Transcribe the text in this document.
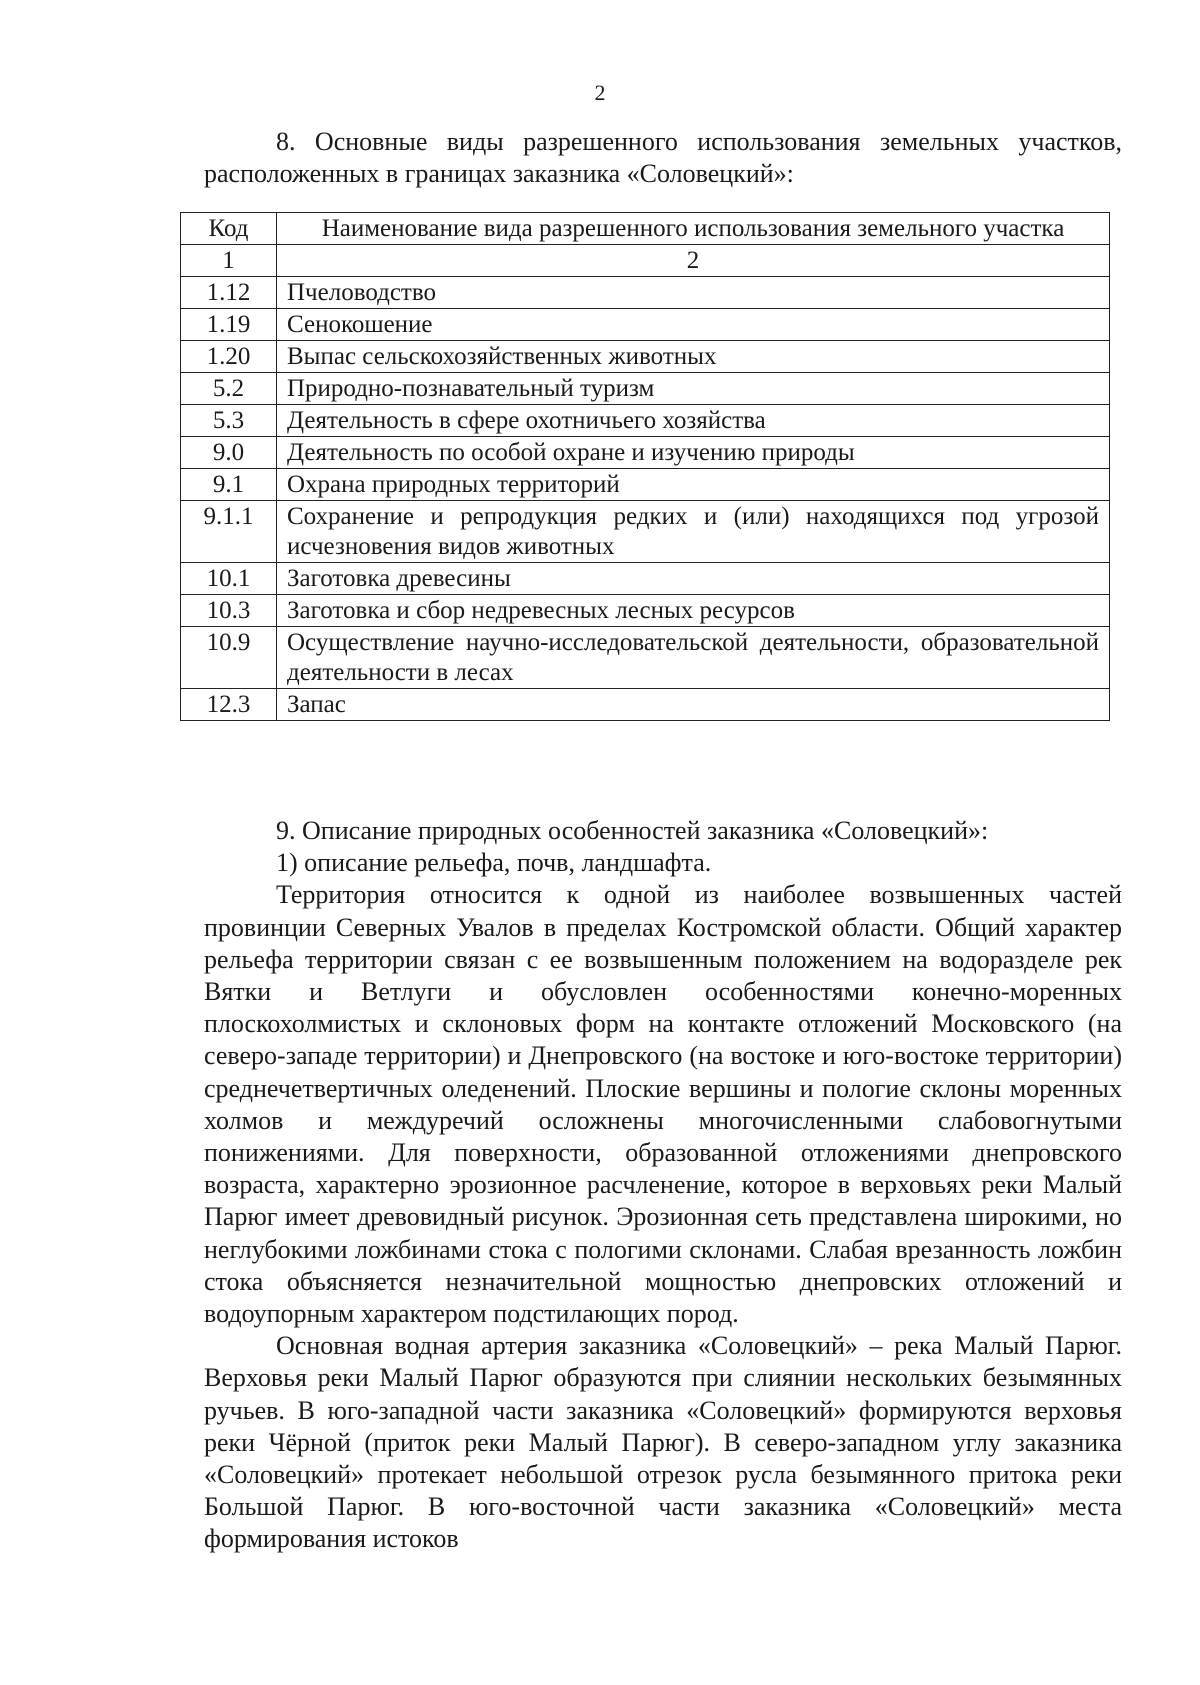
2

8. Основные виды разрешенного использования земельных участков, расположенных в границах заказника «Соловецкий»:

Код	Наименование вида разрешенного использования земельного участка
1	2
1.12	Пчеловодство
1.19	Сенокошение
1.20	Выпас сельскохозяйственных животных
5.2	Природно-познавательный туризм
5.3	Деятельность в сфере охотничьего хозяйства
9.0	Деятельность по особой охране и изучению природы
9.1	Охрана природных территорий
9.1.1	Сохранение и репродукция редких и (или) находящихся под угрозой исчезновения видов животных
10.1	Заготовка древесины
10.3	Заготовка и сбор недревесных лесных ресурсов
10.9	Осуществление научно-исследовательской деятельности, образовательной деятельности в лесах
12.3	Запас

9. Описание природных особенностей заказника «Соловецкий»:

1) описание рельефа, почв, ландшафта.

Территория относится к одной из наиболее возвышенных частей провинции Северных Увалов в пределах Костромской области. Общий характер рельефа территории связан с ее возвышенным положением на водоразделе рек Вятки и Ветлуги и обусловлен особенностями конечно-моренных плоскохолмистых и склоновых форм на контакте отложений Московского (на северо-западе территории) и Днепровского (на востоке и юго-востоке территории) среднечетвертичных оледенений. Плоские вершины и пологие склоны моренных холмов и междуречий осложнены многочисленными слабовогнутыми понижениями. Для поверхности, образованной отложениями днепровского возраста, характерно эрозионное расчленение, которое в верховьях реки Малый Парюг имеет древовидный рисунок. Эрозионная сеть представлена широкими, но неглубокими ложбинами стока с пологими склонами. Слабая врезанность ложбин стока объясняется незначительной мощностью днепровских отложений и водоупорным характером подстилающих пород.

Основная водная артерия заказника «Соловецкий» – река Малый Парюг. Верховья реки Малый Парюг образуются при слиянии нескольких безымянных ручьев. В юго-западной части заказника «Соловецкий» формируются верховья реки Чёрной (приток реки Малый Парюг). В северо-западном углу заказника «Соловецкий» протекает небольшой отрезок русла безымянного притока реки Большой Парюг. В юго-восточной части заказника «Соловецкий» места формирования истоков
